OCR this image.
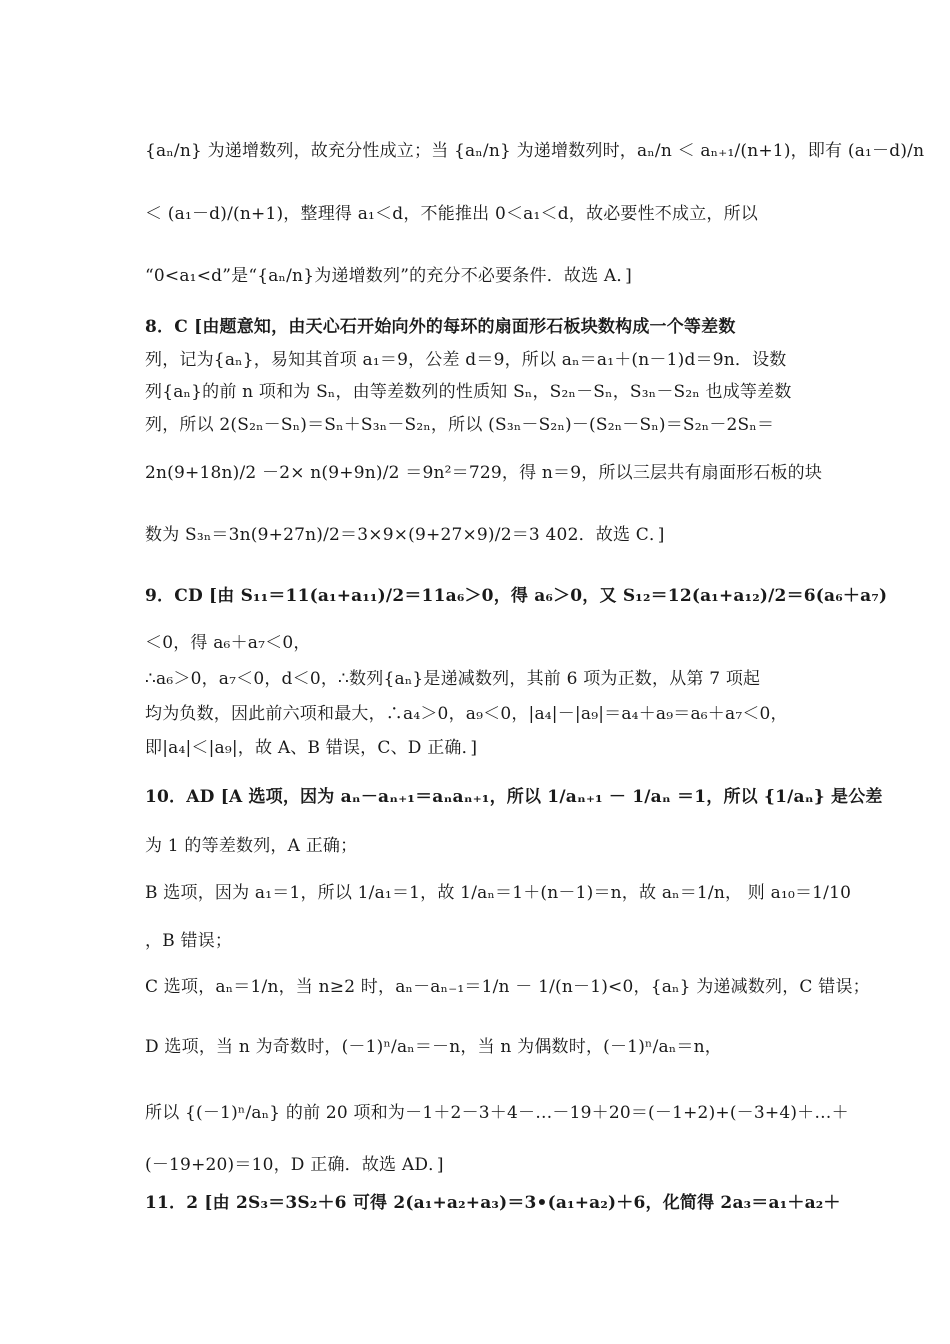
{aₙ/n} 为递增数列，故充分性成立；当 {aₙ/n} 为递增数列时，aₙ/n ＜ aₙ₊₁/(n+1)，即有 (a₁－d)/n
＜ (a₁－d)/(n+1)，整理得 a₁＜d，不能推出 0＜a₁＜d，故必要性不成立，所以
“0<a₁<d”是“{aₙ/n}为递增数列”的充分不必要条件．故选 A．]
8．C [由题意知，由天心石开始向外的每环的扇面形石板块数构成一个等差数
列，记为{aₙ}，易知其首项 a₁＝9，公差 d＝9，所以 aₙ＝a₁＋(n－1)d＝9n．设数
列{aₙ}的前 n 项和为 Sₙ，由等差数列的性质知 Sₙ，S₂ₙ－Sₙ，S₃ₙ－S₂ₙ 也成等差数
列，所以 2(S₂ₙ－Sₙ)＝Sₙ＋S₃ₙ－S₂ₙ，所以 (S₃ₙ－S₂ₙ)－(S₂ₙ－Sₙ)＝S₂ₙ－2Sₙ＝
2n(9+18n)/2 －2× n(9+9n)/2 ＝9n²＝729，得 n＝9，所以三层共有扇面形石板的块
数为 S₃ₙ＝3n(9+27n)/2＝3×9×(9+27×9)/2＝3 402．故选 C．]
9．CD [由 S₁₁＝11(a₁+a₁₁)/2＝11a₆＞0，得 a₆＞0，又 S₁₂＝12(a₁+a₁₂)/2＝6(a₆＋a₇)
＜0，得 a₆＋a₇＜0，
∴a₆＞0，a₇＜0，d＜0，∴数列{aₙ}是递减数列，其前 6 项为正数，从第 7 项起
均为负数，因此前六项和最大，∴a₄＞0，a₉＜0，|a₄|－|a₉|＝a₄＋a₉＝a₆＋a₇＜0，
即|a₄|＜|a₉|，故 A、B 错误，C、D 正确．]
10．AD [A 选项，因为 aₙ－aₙ₊₁＝aₙaₙ₊₁，所以 1/aₙ₊₁ － 1/aₙ ＝1，所以 {1/aₙ} 是公差
为 1 的等差数列，A 正确；
B 选项，因为 a₁＝1，所以 1/a₁＝1，故 1/aₙ＝1＋(n－1)＝n，故 aₙ＝1/n， 则 a₁₀＝1/10
，B 错误；
C 选项，aₙ＝1/n，当 n≥2 时，aₙ－aₙ₋₁＝1/n － 1/(n－1)<0，{aₙ} 为递减数列，C 错误；
D 选项，当 n 为奇数时，(－1)ⁿ/aₙ＝－n，当 n 为偶数时，(－1)ⁿ/aₙ＝n，
所以 {(－1)ⁿ/aₙ} 的前 20 项和为－1＋2－3＋4－…－19＋20＝(－1+2)+(－3+4)＋…＋
(－19+20)＝10，D 正确．故选 AD．]
11．2 [由 2S₃＝3S₂＋6 可得 2(a₁+a₂+a₃)＝3•(a₁+a₂)＋6，化简得 2a₃＝a₁＋a₂＋
